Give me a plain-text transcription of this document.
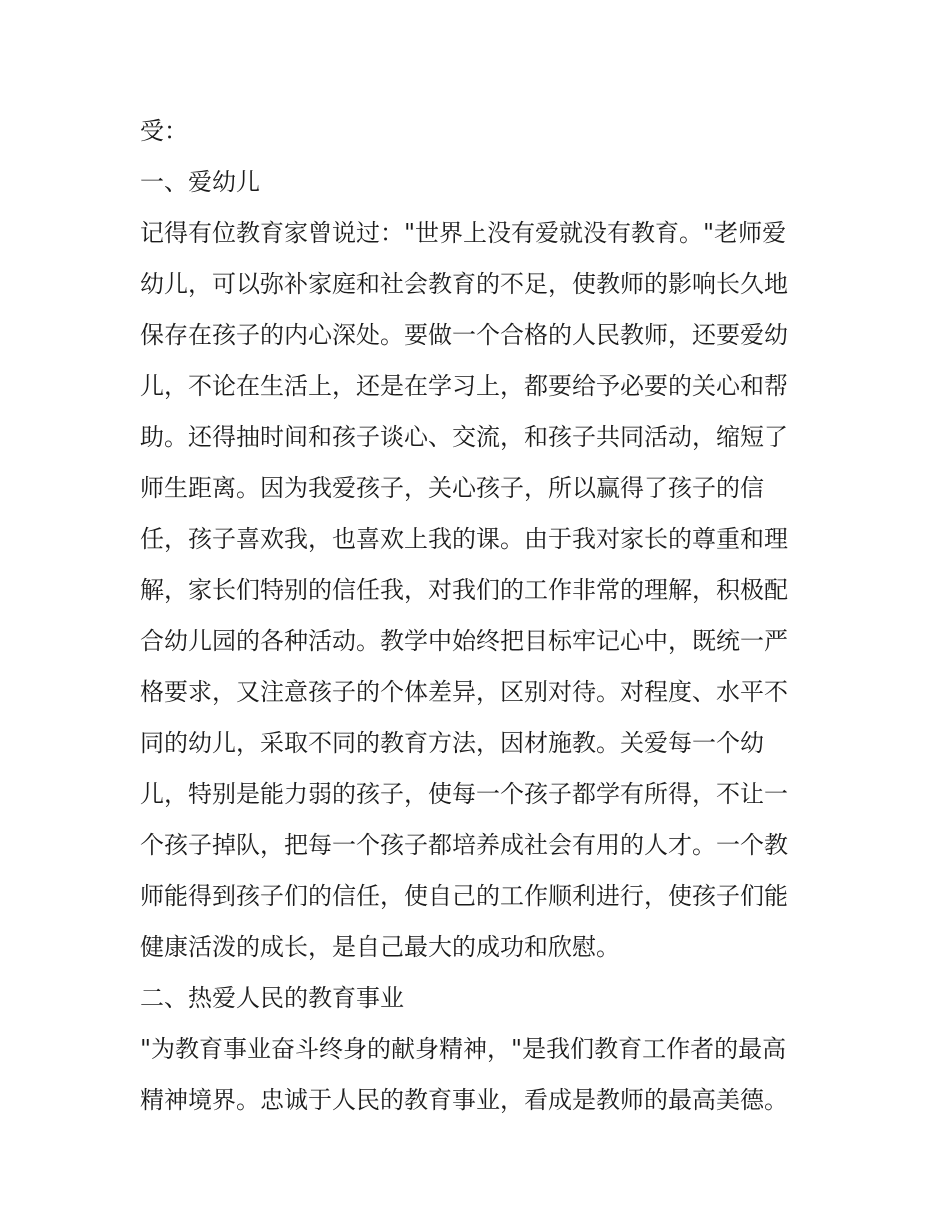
受：
一、爱幼儿
记得有位教育家曾说过："世界上没有爱就没有教育。"老师爱
幼儿，可以弥补家庭和社会教育的不足，使教师的影响长久地
保存在孩子的内心深处。要做一个合格的人民教师，还要爱幼
儿，不论在生活上，还是在学习上，都要给予必要的关心和帮
助。还得抽时间和孩子谈心、交流，和孩子共同活动，缩短了
师生距离。因为我爱孩子，关心孩子，所以赢得了孩子的信
任，孩子喜欢我，也喜欢上我的课。由于我对家长的尊重和理
解，家长们特别的信任我，对我们的工作非常的理解，积极配
合幼儿园的各种活动。教学中始终把目标牢记心中，既统一严
格要求，又注意孩子的个体差异，区别对待。对程度、水平不
同的幼儿，采取不同的教育方法，因材施教。关爱每一个幼
儿，特别是能力弱的孩子，使每一个孩子都学有所得，不让一
个孩子掉队，把每一个孩子都培养成社会有用的人才。一个教
师能得到孩子们的信任，使自己的工作顺利进行，使孩子们能
健康活泼的成长，是自己最大的成功和欣慰。
二、热爱人民的教育事业
"为教育事业奋斗终身的献身精神，"是我们教育工作者的最高
精神境界。忠诚于人民的教育事业，看成是教师的最高美德。
